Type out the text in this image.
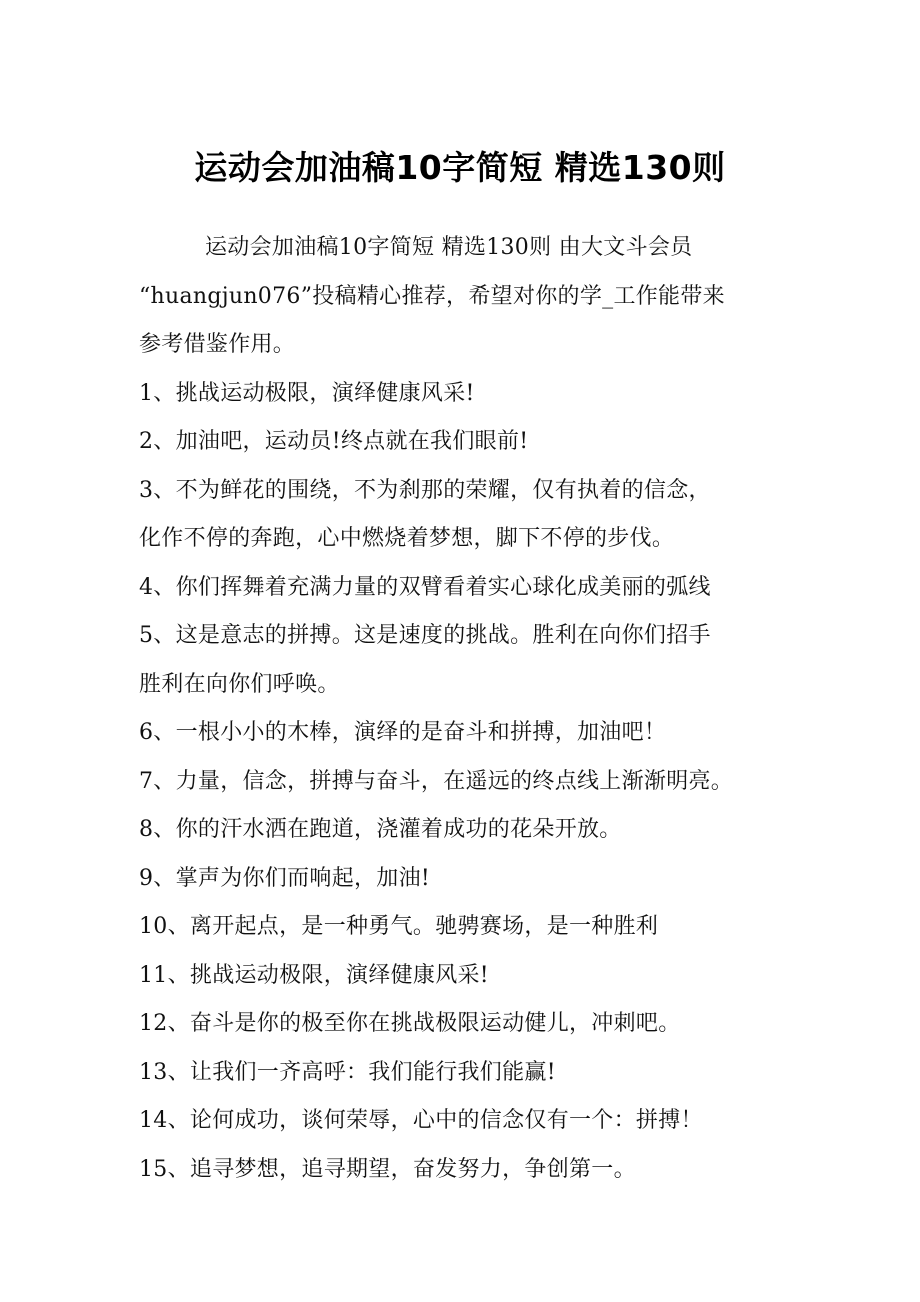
运动会加油稿10字简短 精选130则

运动会加油稿10字简短 精选130则 由大文斗会员
“huangjun076”投稿精心推荐，希望对你的学_工作能带来
参考借鉴作用。

1、挑战运动极限，演绎健康风采!

2、加油吧，运动员!终点就在我们眼前!

3、不为鲜花的围绕，不为刹那的荣耀，仅有执着的信念，
化作不停的奔跑，心中燃烧着梦想，脚下不停的步伐。

4、你们挥舞着充满力量的双臂看着实心球化成美丽的弧线

5、这是意志的拼搏。这是速度的挑战。胜利在向你们招手
胜利在向你们呼唤。

6、一根小小的木棒，演绎的是奋斗和拼搏，加油吧！

7、力量，信念，拼搏与奋斗，在遥远的终点线上渐渐明亮。

8、你的汗水洒在跑道，浇灌着成功的花朵开放。

9、掌声为你们而响起，加油!

10、离开起点，是一种勇气。驰骋赛场，是一种胜利

11、挑战运动极限，演绎健康风采!

12、奋斗是你的极至你在挑战极限运动健儿，冲刺吧。

13、让我们一齐高呼：我们能行我们能赢!

14、论何成功，谈何荣辱，心中的信念仅有一个：拼搏！

15、追寻梦想，追寻期望，奋发努力，争创第一。
